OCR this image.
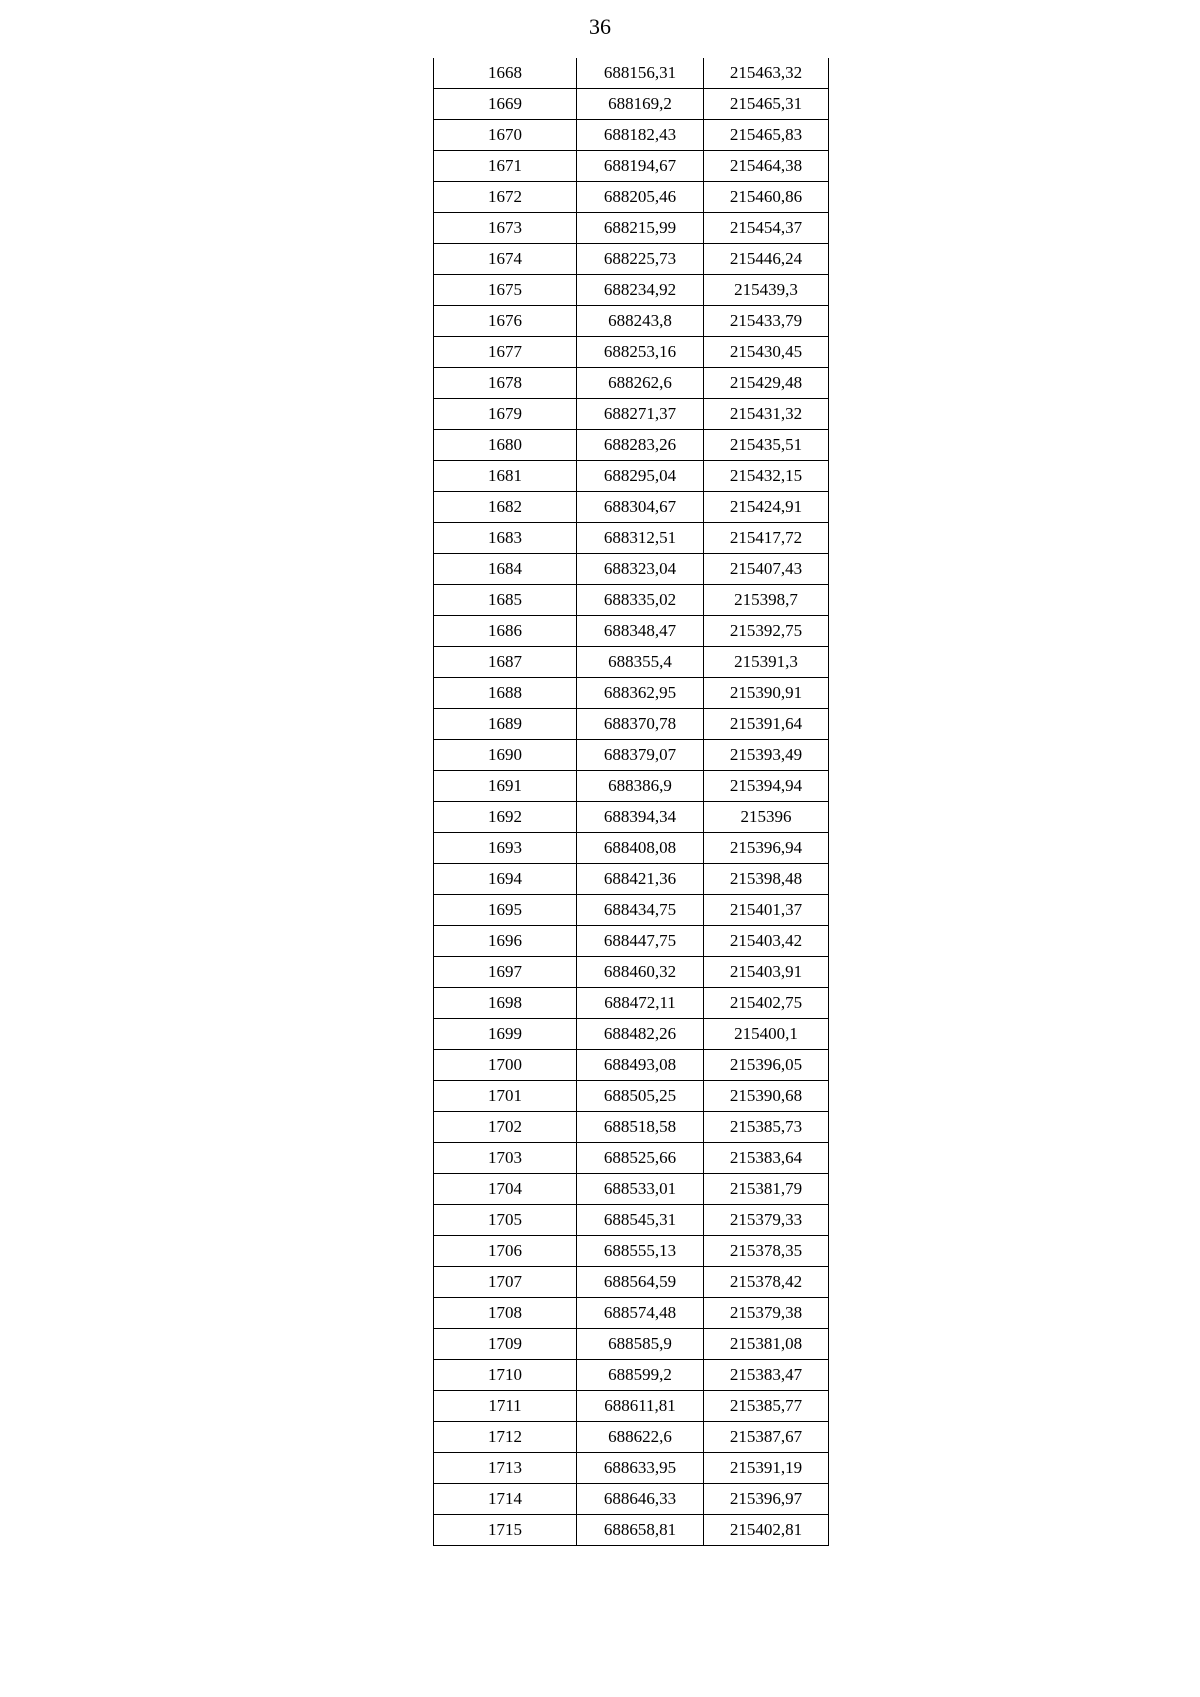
36
1668	688156,31	215463,32
1669	688169,2	215465,31
1670	688182,43	215465,83
1671	688194,67	215464,38
1672	688205,46	215460,86
1673	688215,99	215454,37
1674	688225,73	215446,24
1675	688234,92	215439,3
1676	688243,8	215433,79
1677	688253,16	215430,45
1678	688262,6	215429,48
1679	688271,37	215431,32
1680	688283,26	215435,51
1681	688295,04	215432,15
1682	688304,67	215424,91
1683	688312,51	215417,72
1684	688323,04	215407,43
1685	688335,02	215398,7
1686	688348,47	215392,75
1687	688355,4	215391,3
1688	688362,95	215390,91
1689	688370,78	215391,64
1690	688379,07	215393,49
1691	688386,9	215394,94
1692	688394,34	215396
1693	688408,08	215396,94
1694	688421,36	215398,48
1695	688434,75	215401,37
1696	688447,75	215403,42
1697	688460,32	215403,91
1698	688472,11	215402,75
1699	688482,26	215400,1
1700	688493,08	215396,05
1701	688505,25	215390,68
1702	688518,58	215385,73
1703	688525,66	215383,64
1704	688533,01	215381,79
1705	688545,31	215379,33
1706	688555,13	215378,35
1707	688564,59	215378,42
1708	688574,48	215379,38
1709	688585,9	215381,08
1710	688599,2	215383,47
1711	688611,81	215385,77
1712	688622,6	215387,67
1713	688633,95	215391,19
1714	688646,33	215396,97
1715	688658,81	215402,81
